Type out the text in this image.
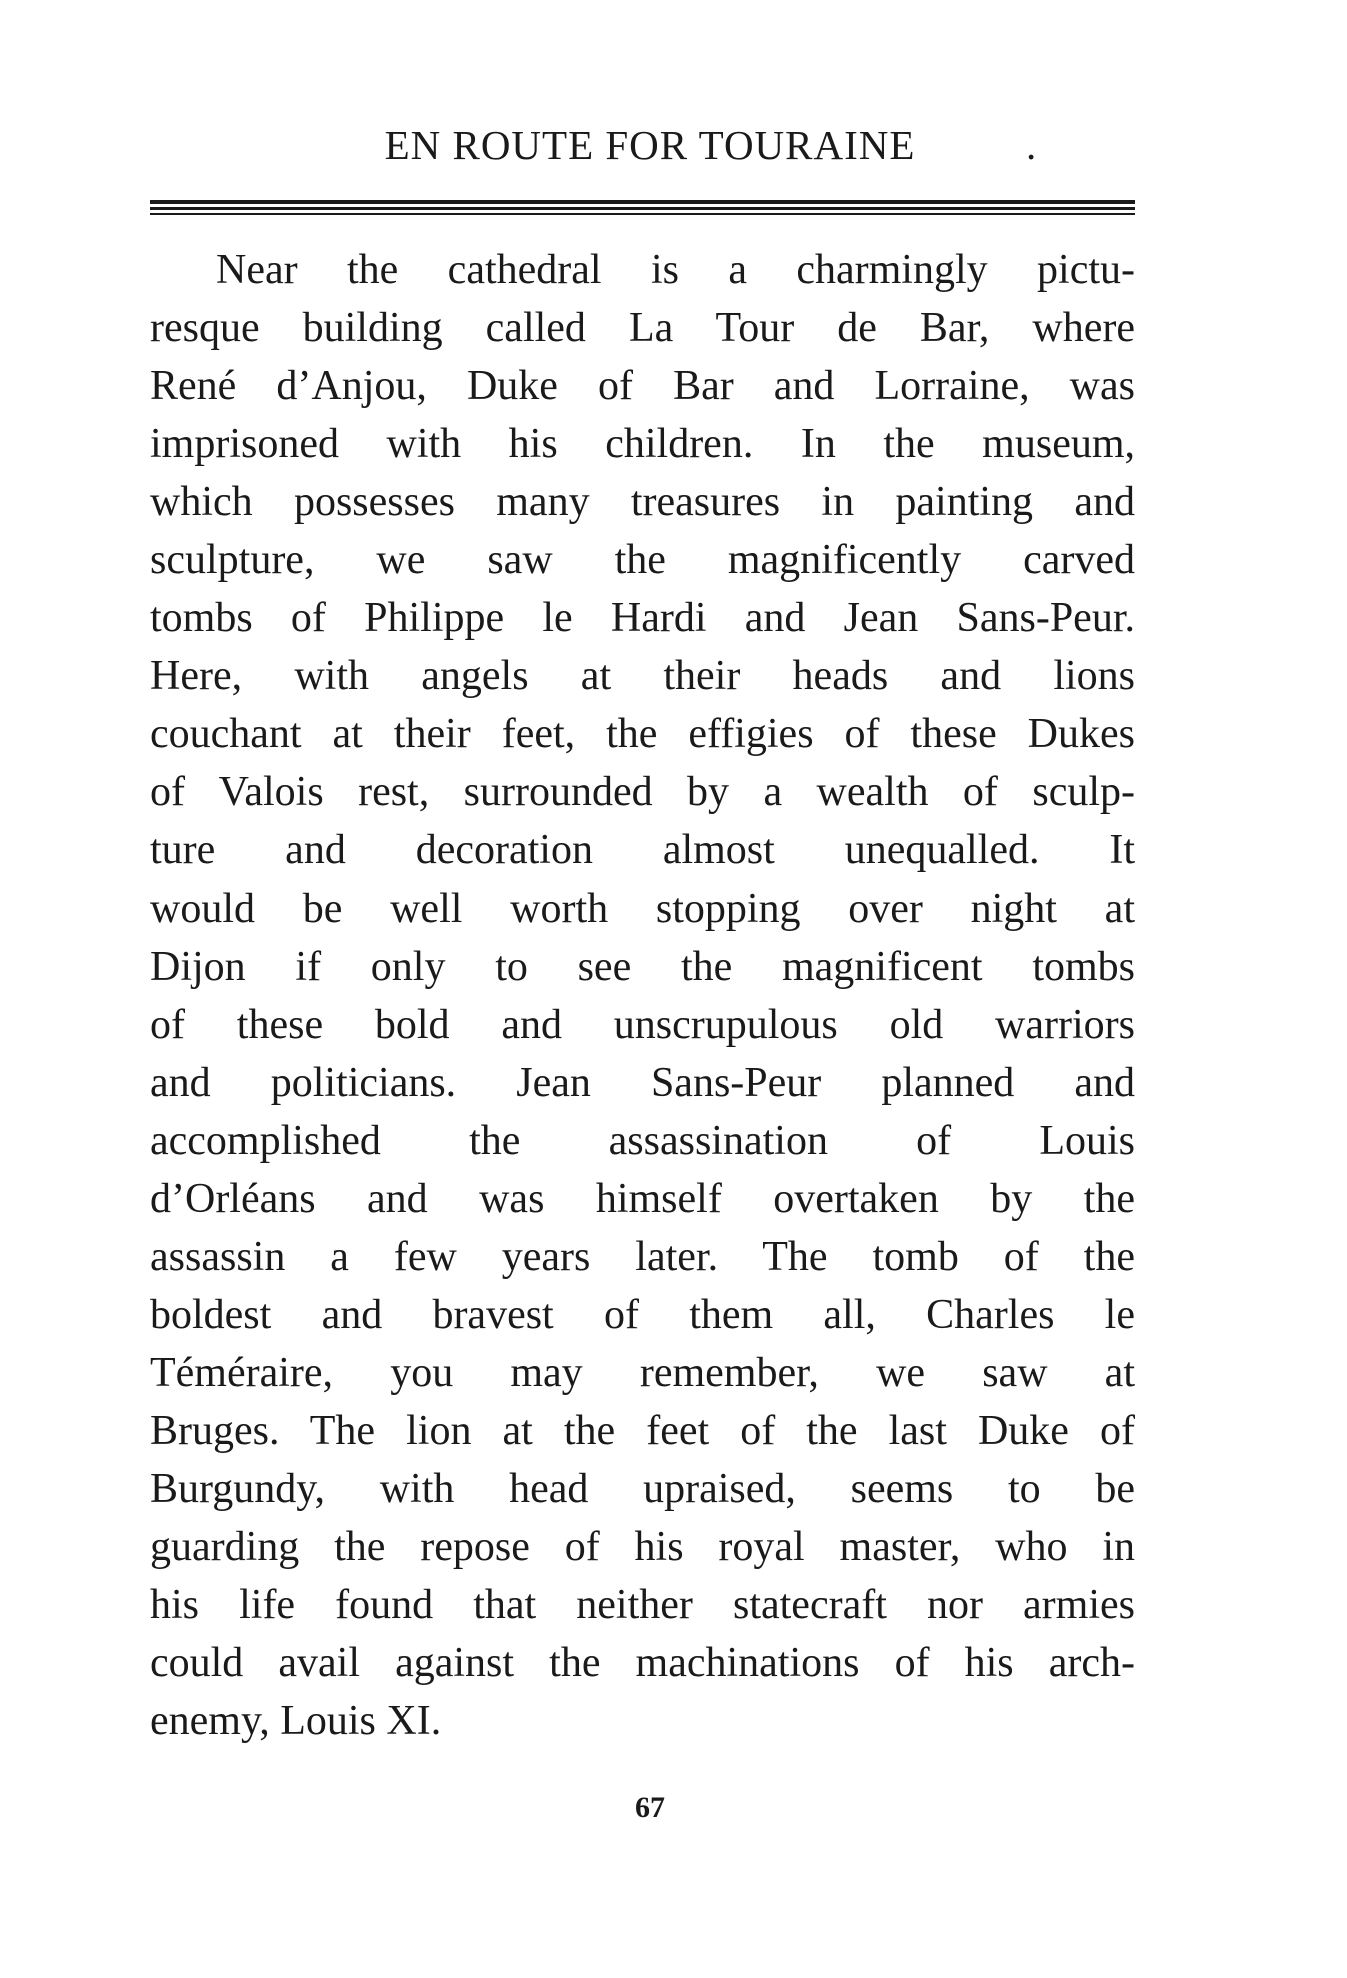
EN ROUTE FOR TOURAINE	.
Near the cathedral is a charmingly pictu-
resque building called La Tour de Bar, where
René d’Anjou, Duke of Bar and Lorraine, was
imprisoned with his children. In the museum,
which possesses many treasures in painting and
sculpture, we saw the magnificently carved
tombs of Philippe le Hardi and Jean Sans-Peur.
Here, with angels at their heads and lions
couchant at their feet, the effigies of these Dukes
of Valois rest, surrounded by a wealth of sculp-
ture and decoration almost unequalled. It
would be well worth stopping over night at
Dijon if only to see the magnificent tombs
of these bold and unscrupulous old warriors
and politicians. Jean Sans-Peur planned and
accomplished the assassination of Louis
d’Orléans and was himself overtaken by the
assassin a few years later. The tomb of the
boldest and bravest of them all, Charles le
Téméraire, you may remember, we saw at
Bruges. The lion at the feet of the last Duke of
Burgundy, with head upraised, seems to be
guarding the repose of his royal master, who in
his life found that neither statecraft nor armies
could avail against the machinations of his arch-
enemy, Louis XI.
67
